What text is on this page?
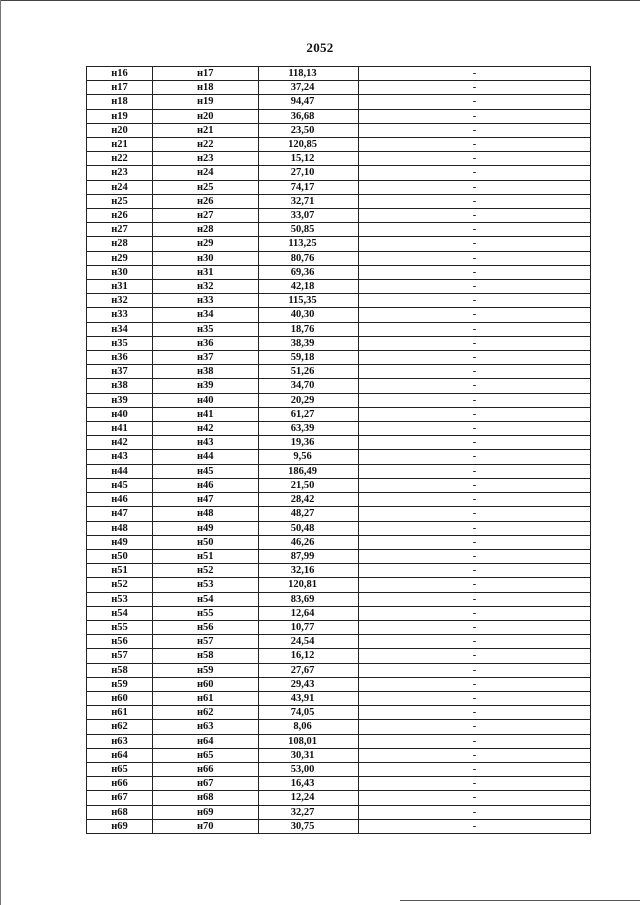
2052
н16	н17	118,13	-
н17	н18	37,24	-
н18	н19	94,47	-
н19	н20	36,68	-
н20	н21	23,50	-
н21	н22	120,85	-
н22	н23	15,12	-
н23	н24	27,10	-
н24	н25	74,17	-
н25	н26	32,71	-
н26	н27	33,07	-
н27	н28	50,85	-
н28	н29	113,25	-
н29	н30	80,76	-
н30	н31	69,36	-
н31	н32	42,18	-
н32	н33	115,35	-
н33	н34	40,30	-
н34	н35	18,76	-
н35	н36	38,39	-
н36	н37	59,18	-
н37	н38	51,26	-
н38	н39	34,70	-
н39	н40	20,29	-
н40	н41	61,27	-
н41	н42	63,39	-
н42	н43	19,36	-
н43	н44	9,56	-
н44	н45	186,49	-
н45	н46	21,50	-
н46	н47	28,42	-
н47	н48	48,27	-
н48	н49	50,48	-
н49	н50	46,26	-
н50	н51	87,99	-
н51	н52	32,16	-
н52	н53	120,81	-
н53	н54	83,69	-
н54	н55	12,64	-
н55	н56	10,77	-
н56	н57	24,54	-
н57	н58	16,12	-
н58	н59	27,67	-
н59	н60	29,43	-
н60	н61	43,91	-
н61	н62	74,05	-
н62	н63	8,06	-
н63	н64	108,01	-
н64	н65	30,31	-
н65	н66	53,00	-
н66	н67	16,43	-
н67	н68	12,24	-
н68	н69	32,27	-
н69	н70	30,75	-
